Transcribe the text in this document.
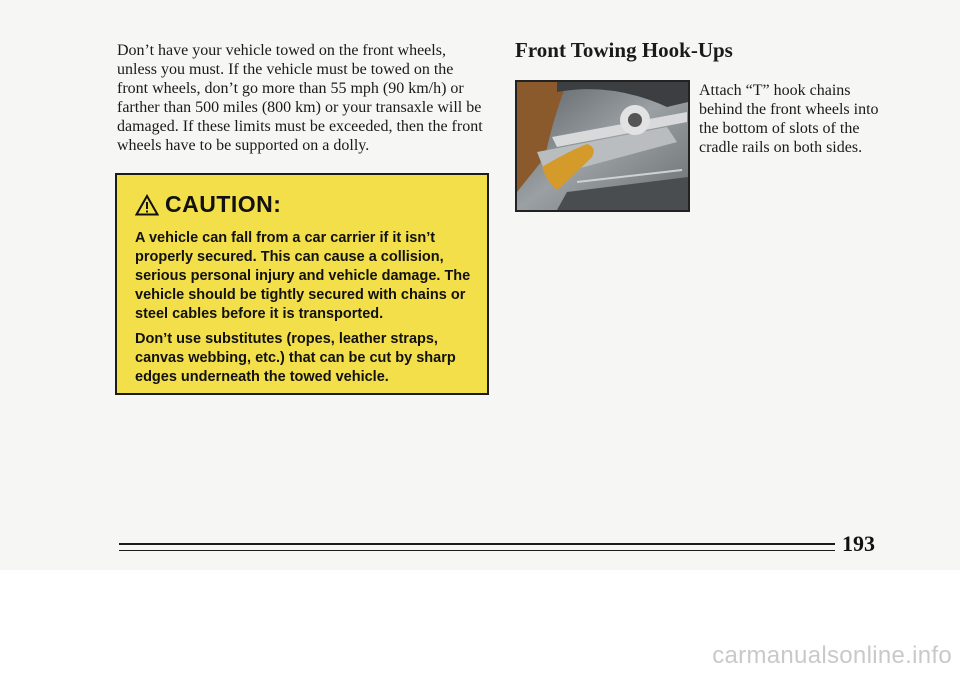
Don’t have your vehicle towed on the front wheels, unless you must. If the vehicle must be towed on the front wheels, don’t go more than 55 mph (90 km/h) or farther than 500 miles (800 km) or your transaxle will be damaged. If these limits must be exceeded, then the front wheels have to be supported on a dolly.

CAUTION:

A vehicle can fall from a car carrier if it isn’t properly secured. This can cause a collision, serious personal injury and vehicle damage. The vehicle should be tightly secured with chains or steel cables before it is transported.

Don’t use substitutes (ropes, leather straps, canvas webbing, etc.) that can be cut by sharp edges underneath the towed vehicle.

Front Towing Hook-Ups

Attach “T” hook chains behind the front wheels into the bottom of slots of the cradle rails on both sides.

193
carmanualsonline.info
